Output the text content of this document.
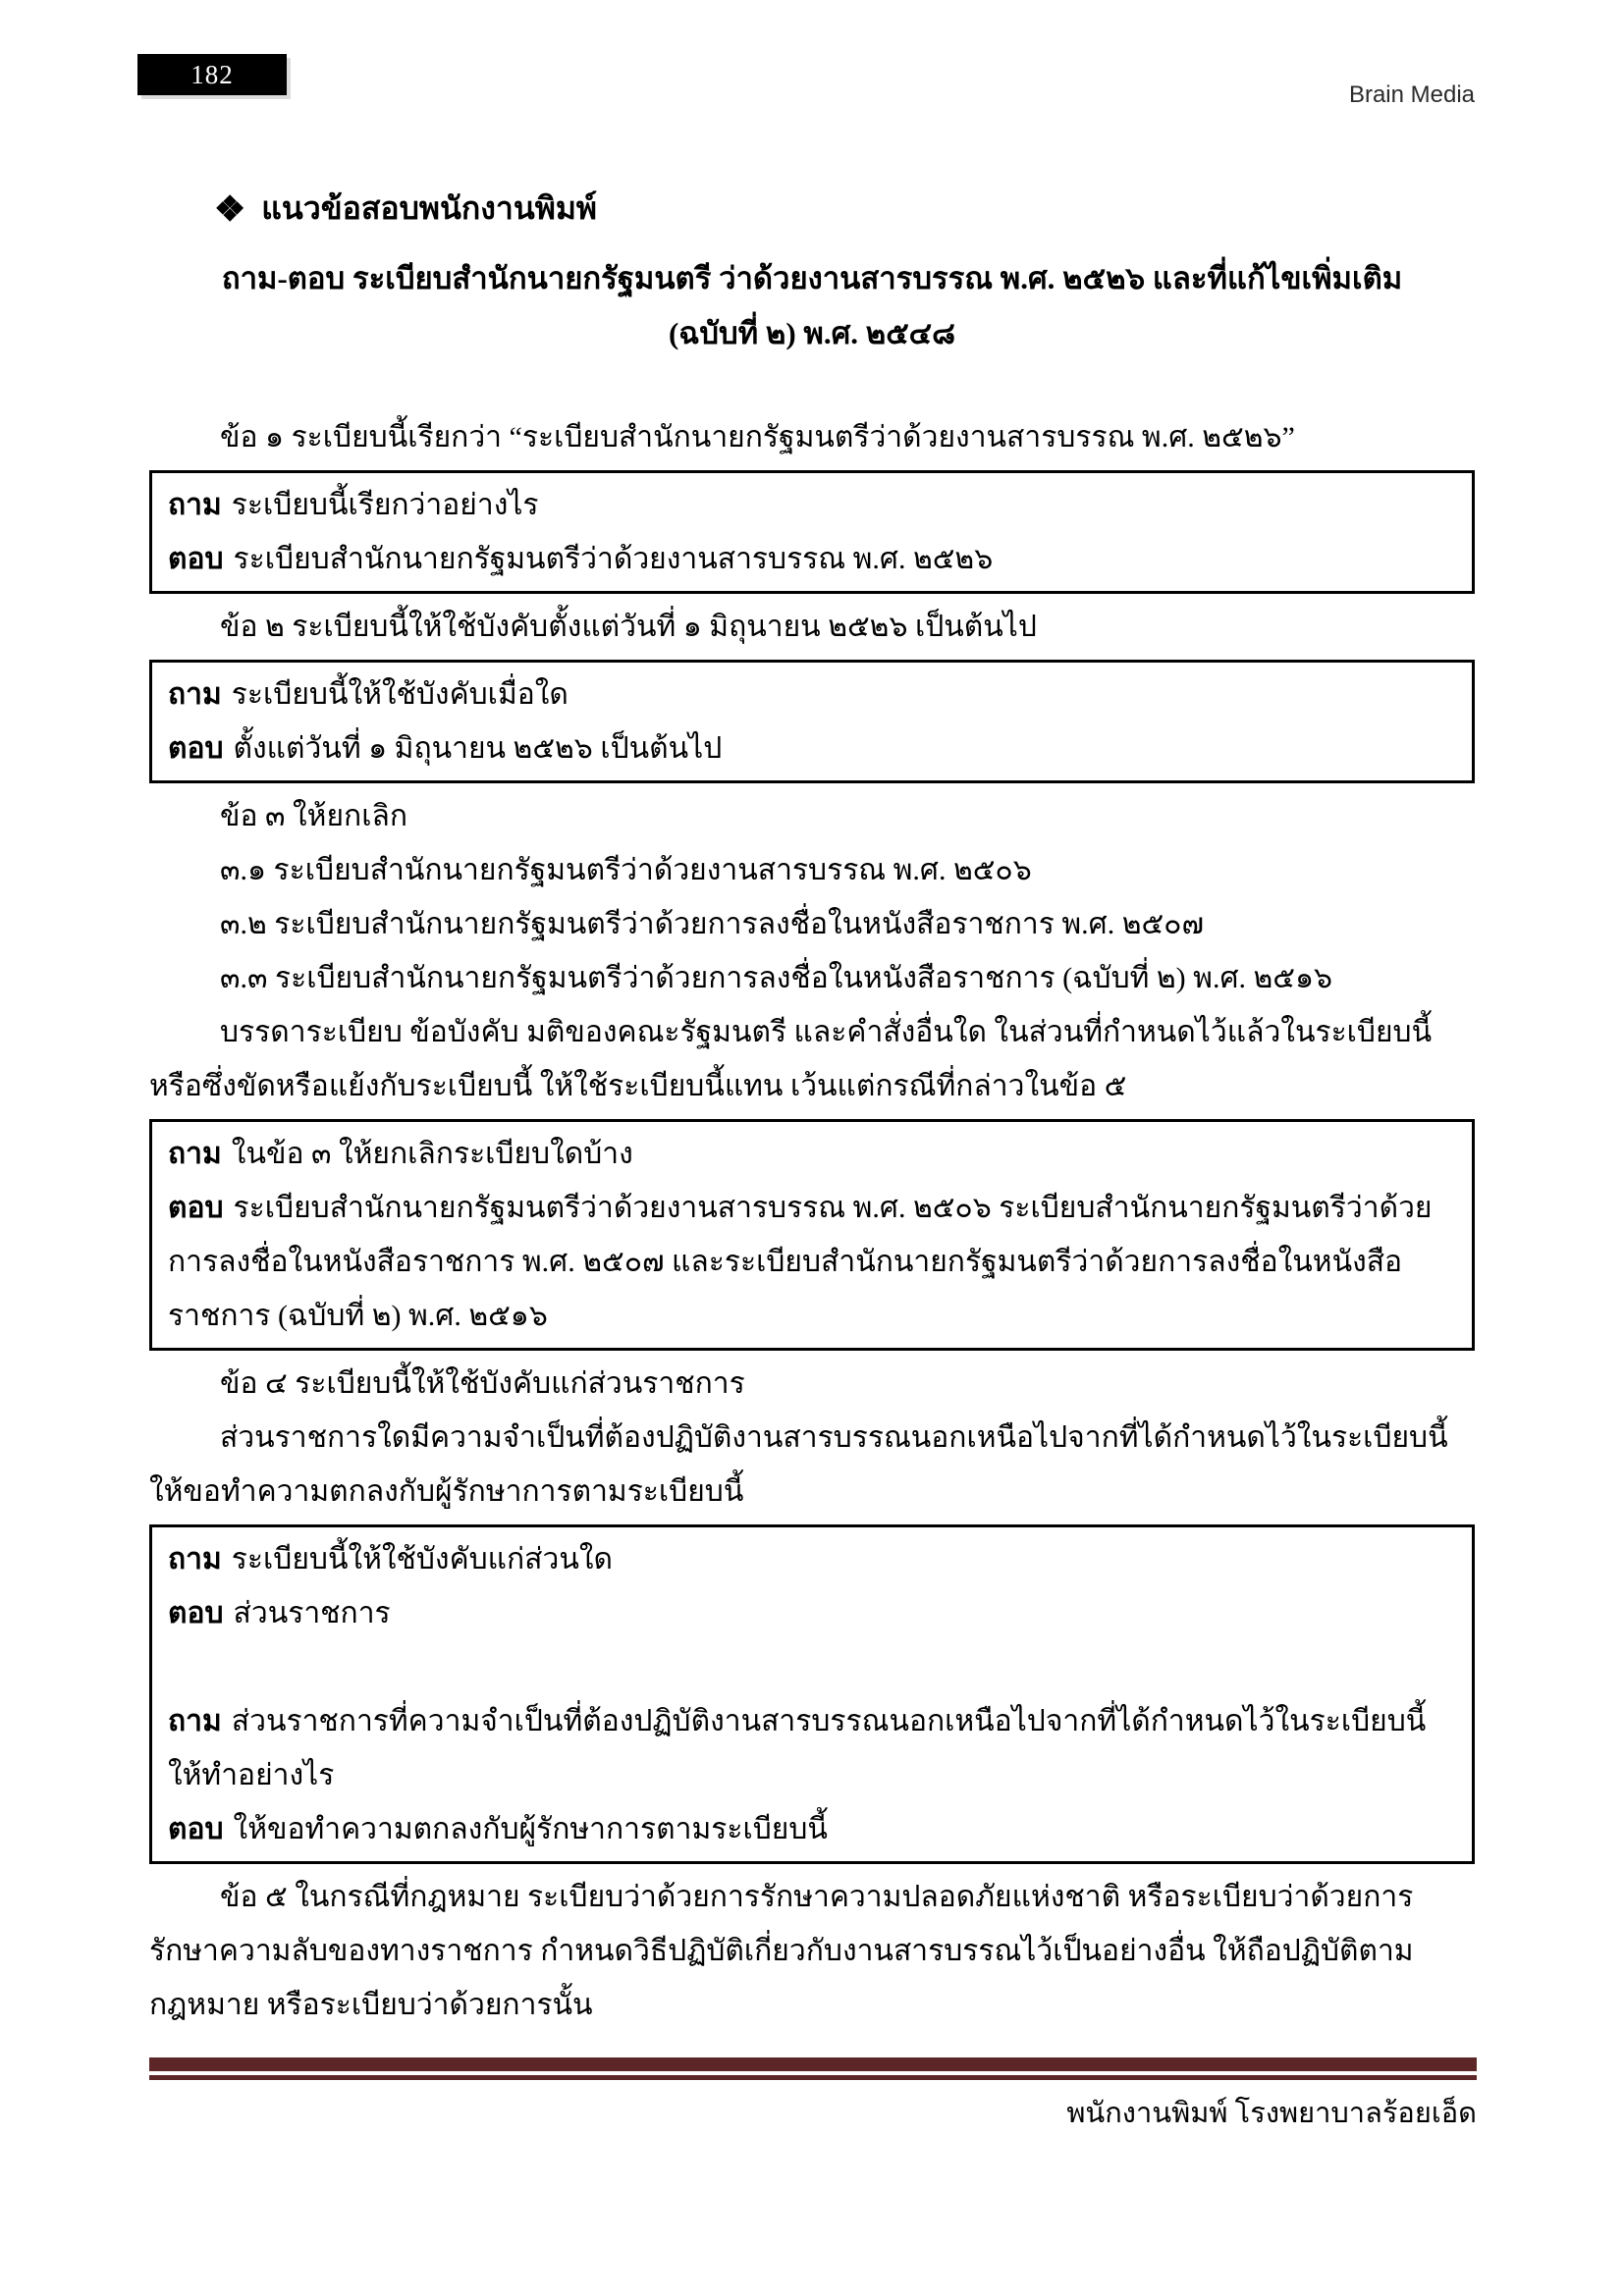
182
Brain Media
❖ แนวข้อสอบพนักงานพิมพ์
ถาม-ตอบ ระเบียบสำนักนายกรัฐมนตรี ว่าด้วยงานสารบรรณ พ.ศ. ๒๕๒๖ และที่แก้ไขเพิ่มเติม
(ฉบับที่ ๒) พ.ศ. ๒๕๔๘

ข้อ ๑ ระเบียบนี้เรียกว่า “ระเบียบสำนักนายกรัฐมนตรีว่าด้วยงานสารบรรณ พ.ศ. ๒๕๒๖”

ถาม ระเบียบนี้เรียกว่าอย่างไร

ตอบ ระเบียบสำนักนายกรัฐมนตรีว่าด้วยงานสารบรรณ พ.ศ. ๒๕๒๖

ข้อ ๒ ระเบียบนี้ให้ใช้บังคับตั้งแต่วันที่ ๑ มิถุนายน ๒๕๒๖ เป็นต้นไป

ถาม ระเบียบนี้ให้ใช้บังคับเมื่อใด

ตอบ ตั้งแต่วันที่ ๑ มิถุนายน ๒๕๒๖ เป็นต้นไป

ข้อ ๓ ให้ยกเลิก

๓.๑ ระเบียบสำนักนายกรัฐมนตรีว่าด้วยงานสารบรรณ พ.ศ. ๒๕๐๖

๓.๒ ระเบียบสำนักนายกรัฐมนตรีว่าด้วยการลงชื่อในหนังสือราชการ พ.ศ. ๒๕๐๗

๓.๓ ระเบียบสำนักนายกรัฐมนตรีว่าด้วยการลงชื่อในหนังสือราชการ (ฉบับที่ ๒) พ.ศ. ๒๕๑๖

บรรดาระเบียบ ข้อบังคับ มติของคณะรัฐมนตรี และคำสั่งอื่นใด ในส่วนที่กำหนดไว้แล้วในระเบียบนี้ หรือซึ่งขัดหรือแย้งกับระเบียบนี้ ให้ใช้ระเบียบนี้แทน เว้นแต่กรณีที่กล่าวในข้อ ๕

ถาม ในข้อ ๓ ให้ยกเลิกระเบียบใดบ้าง

ตอบ ระเบียบสำนักนายกรัฐมนตรีว่าด้วยงานสารบรรณ พ.ศ. ๒๕๐๖ ระเบียบสำนักนายกรัฐมนตรีว่าด้วยการลงชื่อในหนังสือราชการ พ.ศ. ๒๕๐๗ และระเบียบสำนักนายกรัฐมนตรีว่าด้วยการลงชื่อในหนังสือราชการ (ฉบับที่ ๒) พ.ศ. ๒๕๑๖

ข้อ ๔ ระเบียบนี้ให้ใช้บังคับแก่ส่วนราชการ

ส่วนราชการใดมีความจำเป็นที่ต้องปฏิบัติงานสารบรรณนอกเหนือไปจากที่ได้กำหนดไว้ในระเบียบนี้ ให้ขอทำความตกลงกับผู้รักษาการตามระเบียบนี้

ถาม ระเบียบนี้ให้ใช้บังคับแก่ส่วนใด

ตอบ ส่วนราชการ

ถาม ส่วนราชการที่ความจำเป็นที่ต้องปฏิบัติงานสารบรรณนอกเหนือไปจากที่ได้กำหนดไว้ในระเบียบนี้ ให้ทำอย่างไร

ตอบ ให้ขอทำความตกลงกับผู้รักษาการตามระเบียบนี้

ข้อ ๕ ในกรณีที่กฎหมาย ระเบียบว่าด้วยการรักษาความปลอดภัยแห่งชาติ หรือระเบียบว่าด้วยการรักษาความลับของทางราชการ กำหนดวิธีปฏิบัติเกี่ยวกับงานสารบรรณไว้เป็นอย่างอื่น ให้ถือปฏิบัติตามกฎหมาย หรือระเบียบว่าด้วยการนั้น

พนักงานพิมพ์ โรงพยาบาลร้อยเอ็ด
